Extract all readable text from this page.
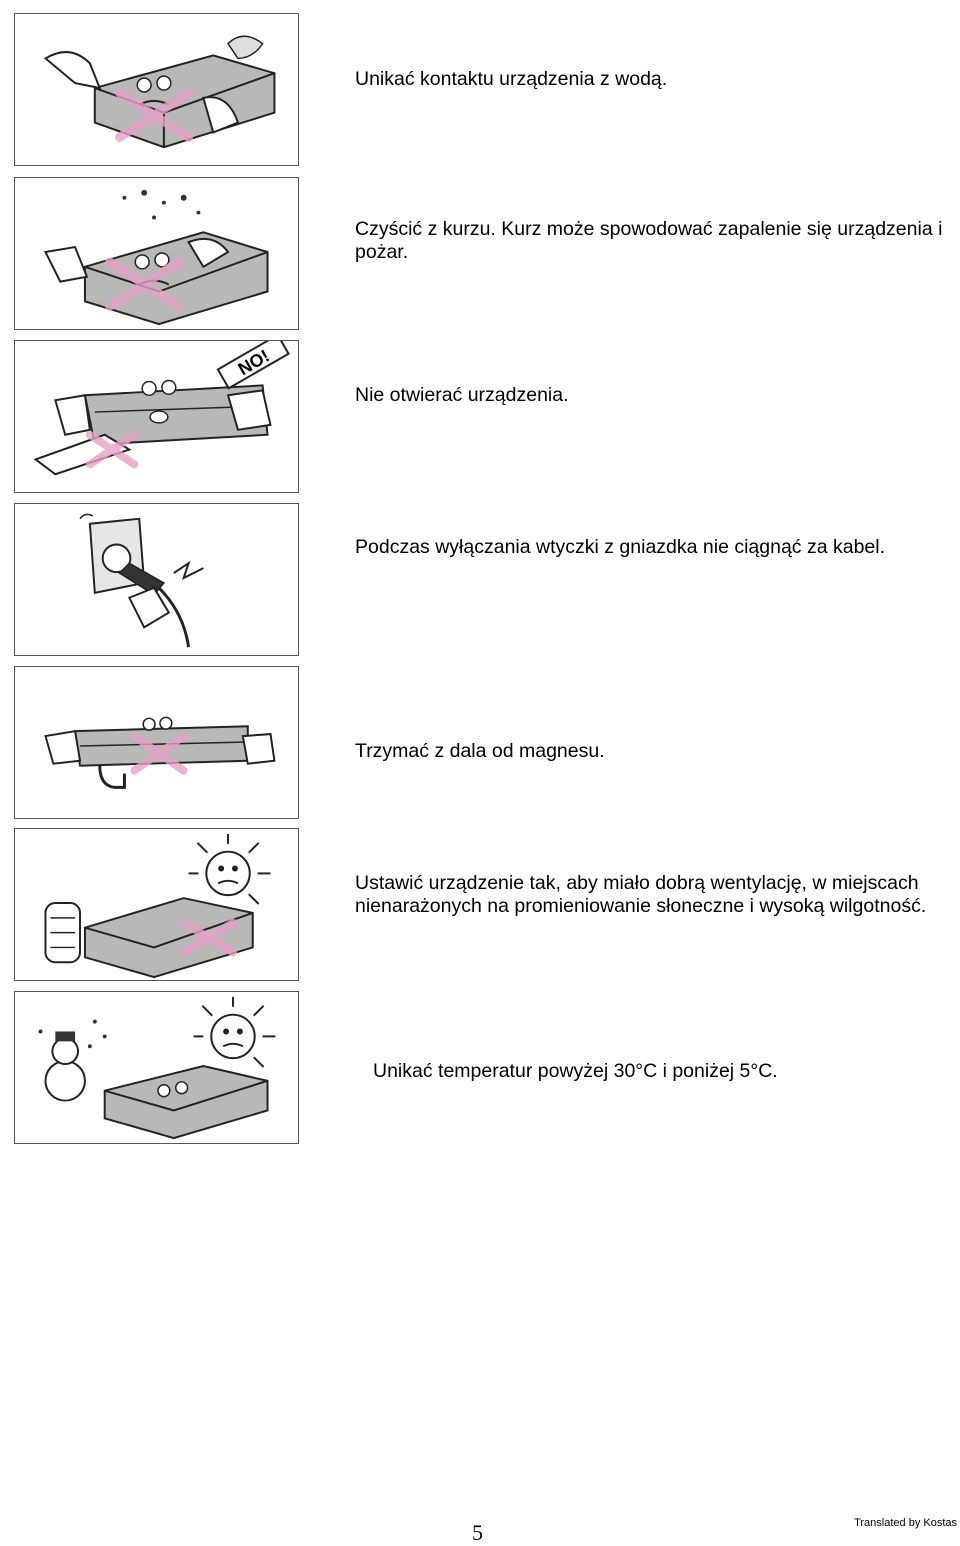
Unikać kontaktu urządzenia z wodą.

Czyścić z kurzu. Kurz może spowodować zapalenie się urządzenia i pożar.

NO!

Nie otwierać urządzenia.

Podczas wyłączania wtyczki z gniazdka nie ciągnąć za kabel.

Trzymać z dala od magnesu.

Ustawić urządzenie tak, aby miało dobrą wentylację, w miejscach nienarażonych na promieniowanie słoneczne i wysoką wilgotność.

Unikać temperatur powyżej 30°C i poniżej 5°C.

5	Translated by Kostas
